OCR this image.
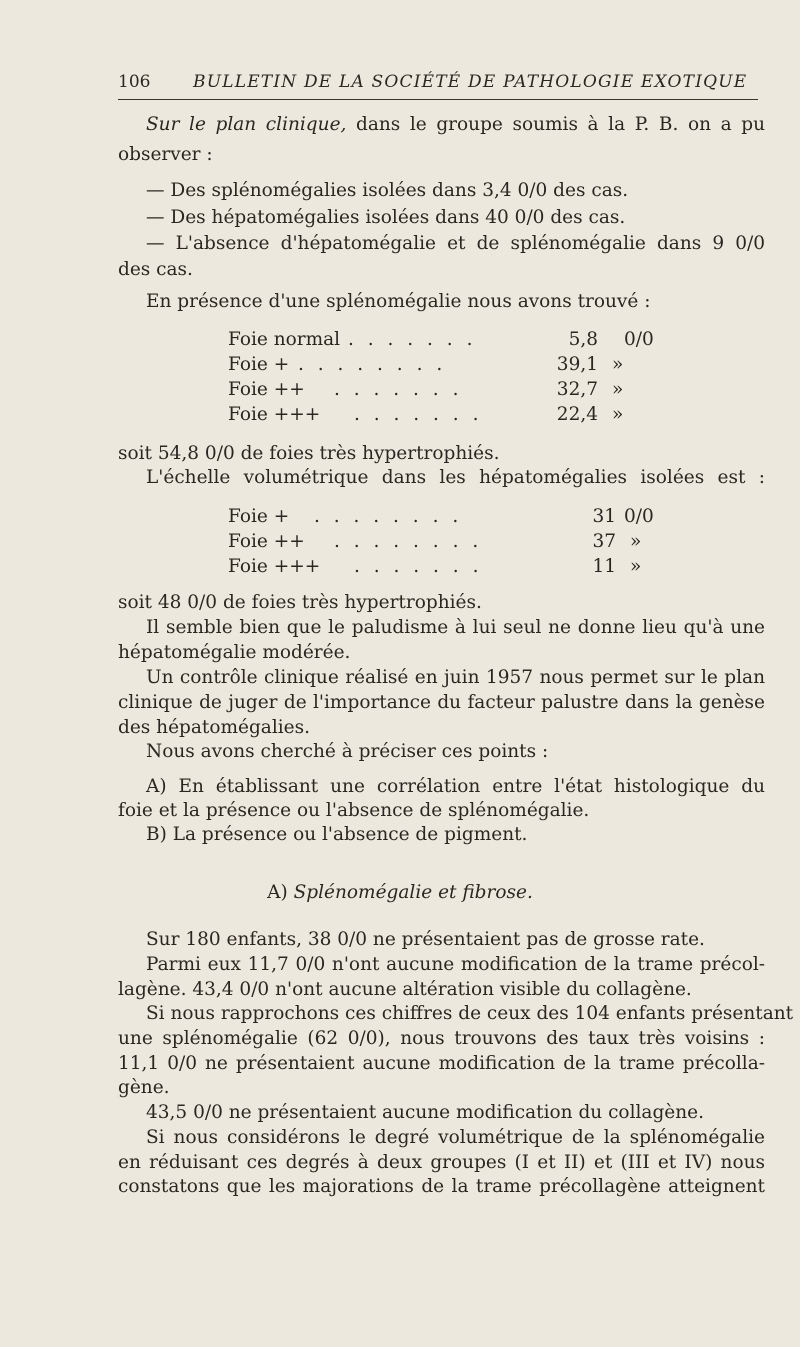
106	BULLETIN DE LA SOCIÉTÉ DE PATHOLOGIE EXOTIQUE
Sur le plan clinique, dans le groupe soumis à la P. B. on a pu
observer :
— Des splénomégalies isolées dans 3,4 0/0 des cas.
— Des hépatomégalies isolées dans 40 0/0 des cas.
— L'absence d'hépatomégalie et de splénomégalie dans 9 0/0
des cas.
En présence d'une splénomégalie nous avons trouvé :
Foie normal . . . . . . .	5,8 0/0
Foie + . . . . . . . .	39,1 »
Foie ++ . . . . . . .	32,7 »
Foie +++ . . . . . . .	22,4 »
soit 54,8 0/0 de foies très hypertrophiés.
L'échelle volumétrique dans les hépatomégalies isolées est :
Foie + . . . . . . . .	31 0/0
Foie ++ . . . . . . . .	37 »
Foie +++ . . . . . . .	11 »
soit 48 0/0 de foies très hypertrophiés.
Il semble bien que le paludisme à lui seul ne donne lieu qu'à une
hépatomégalie modérée.
Un contrôle clinique réalisé en juin 1957 nous permet sur le plan
clinique de juger de l'importance du facteur palustre dans la genèse
des hépatomégalies.
Nous avons cherché à préciser ces points :
A) En établissant une corrélation entre l'état histologique du
foie et la présence ou l'absence de splénomégalie.
B) La présence ou l'absence de pigment.
A) Splénomégalie et fibrose.
Sur 180 enfants, 38 0/0 ne présentaient pas de grosse rate.
Parmi eux 11,7 0/0 n'ont aucune modification de la trame précol-
lagène. 43,4 0/0 n'ont aucune altération visible du collagène.
Si nous rapprochons ces chiffres de ceux des 104 enfants présentant
une splénomégalie (62 0/0), nous trouvons des taux très voisins :
11,1 0/0 ne présentaient aucune modification de la trame précolla-
gène.
43,5 0/0 ne présentaient aucune modification du collagène.
Si nous considérons le degré volumétrique de la splénomégalie
en réduisant ces degrés à deux groupes (I et II) et (III et IV) nous
constatons que les majorations de la trame précollagène atteignent
